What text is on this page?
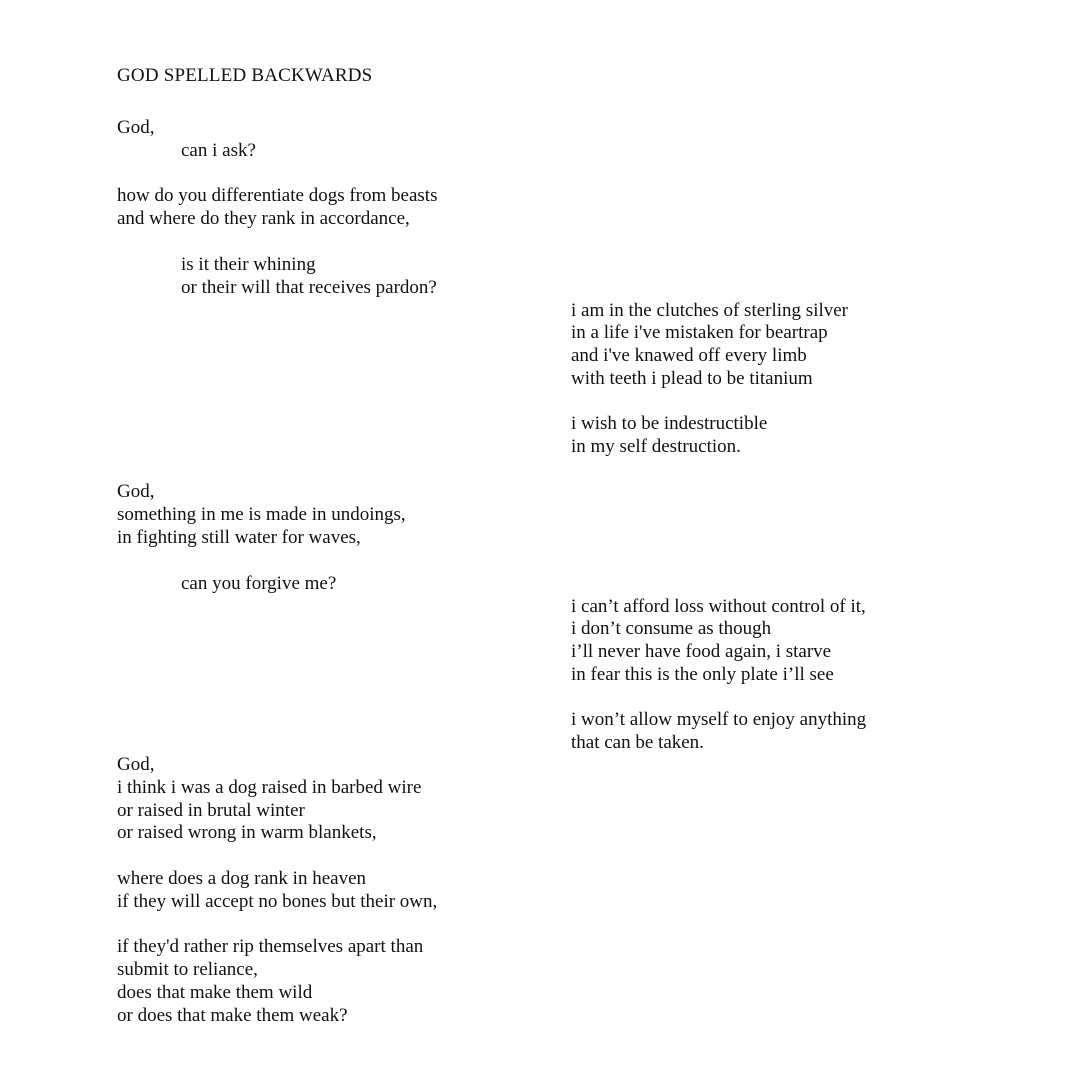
GOD SPELLED BACKWARDS
God,
can i ask?
how do you differentiate dogs from beasts
and where do they rank in accordance,
is it their whining
or their will that receives pardon?
i am in the clutches of sterling silver
in a life i've mistaken for beartrap
and i've knawed off every limb
with teeth i plead to be titanium
i wish to be indestructible
in my self destruction.
God,
something in me is made in undoings,
in fighting still water for waves,
can you forgive me?
i can’t afford loss without control of it,
i don’t consume as though
i’ll never have food again, i starve
in fear this is the only plate i’ll see
i won’t allow myself to enjoy anything
that can be taken.
God,
i think i was a dog raised in barbed wire
or raised in brutal winter
or raised wrong in warm blankets,
where does a dog rank in heaven
if they will accept no bones but their own,
if they'd rather rip themselves apart than
submit to reliance,
does that make them wild
or does that make them weak?
